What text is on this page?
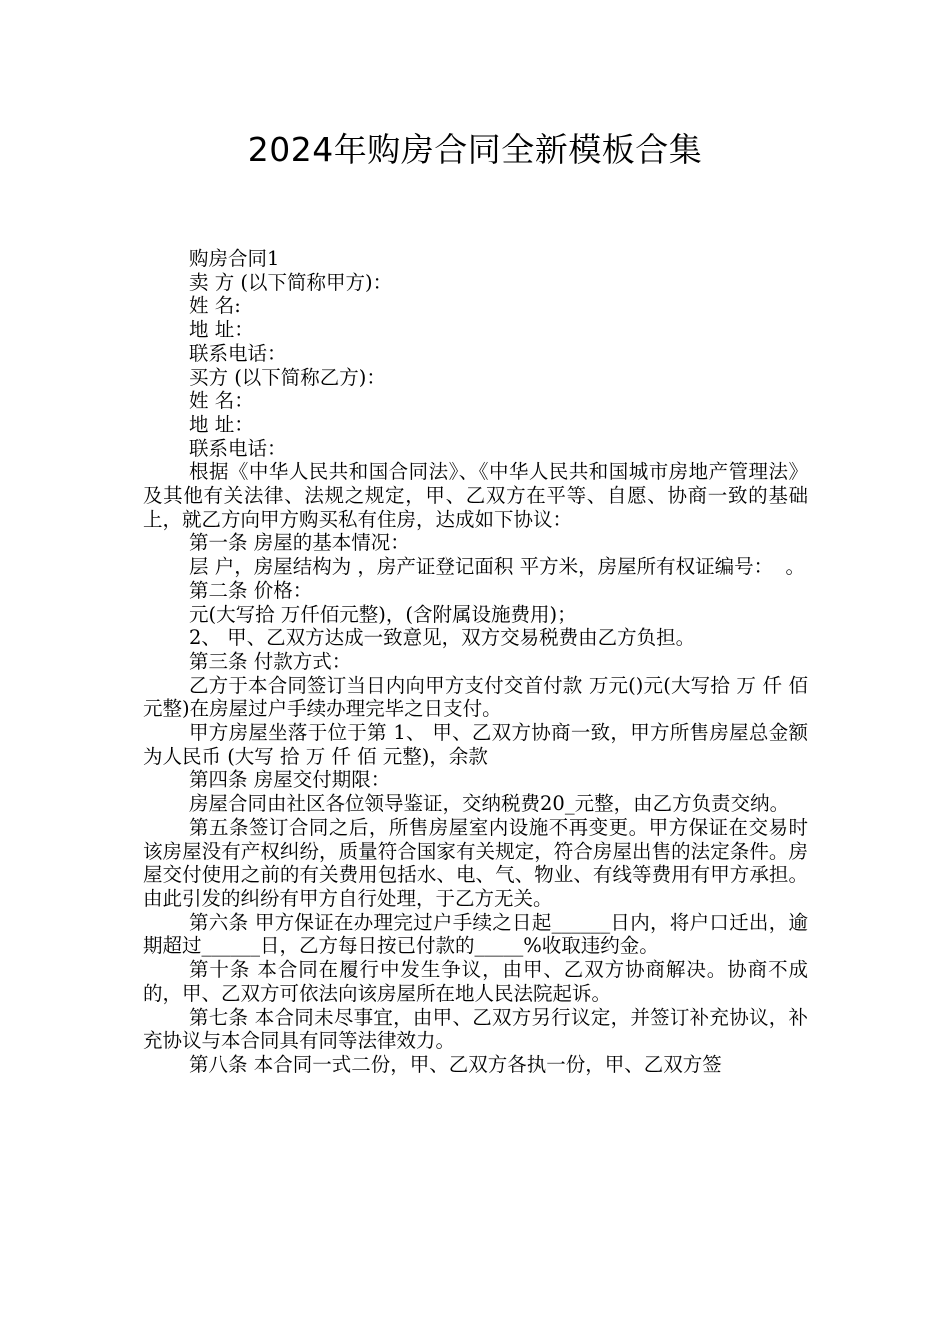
2024年购房合同全新模板合集

购房合同1

卖 方 (以下简称甲方)：

姓 名:

地 址：

联系电话：

买方 (以下简称乙方)：

姓 名：

地 址：

联系电话：

根据《中华人民共和国合同法》、《中华人民共和国城市房地产管理法》及其他有关法律、法规之规定，甲、乙双方在平等、自愿、协商一致的基础上，就乙方向甲方购买私有住房，达成如下协议：

第一条 房屋的基本情况：

层 户，房屋结构为 ，房产证登记面积 平方米，房屋所有权证编号：  。

第二条 价格：

元(大写拾 万仟佰元整)，(含附属设施费用)；

2、 甲、乙双方达成一致意见，双方交易税费由乙方负担。

第三条 付款方式：

乙方于本合同签订当日内向甲方支付交首付款 万元()元(大写拾 万 仟 佰 元整)在房屋过户手续办理完毕之日支付。

甲方房屋坐落于位于第 1、 甲、乙双方协商一致，甲方所售房屋总金额为人民币 (大写 拾 万 仟 佰 元整)，余款

第四条 房屋交付期限：

房屋合同由社区各位领导鉴证，交纳税费20_元整，由乙方负责交纳。

第五条签订合同之后，所售房屋室内设施不再变更。甲方保证在交易时该房屋没有产权纠纷，质量符合国家有关规定，符合房屋出售的法定条件。房屋交付使用之前的有关费用包括水、电、气、物业、有线等费用有甲方承担。由此引发的纠纷有甲方自行处理，于乙方无关。

第六条 甲方保证在办理完过户手续之日起______日内，将户口迁出，逾期超过______日，乙方每日按已付款的_____%收取违约金。

第十条 本合同在履行中发生争议，由甲、乙双方协商解决。协商不成的，甲、乙双方可依法向该房屋所在地人民法院起诉。

第七条 本合同未尽事宜，由甲、乙双方另行议定，并签订补充协议，补充协议与本合同具有同等法律效力。

第八条 本合同一式二份，甲、乙双方各执一份，甲、乙双方签
